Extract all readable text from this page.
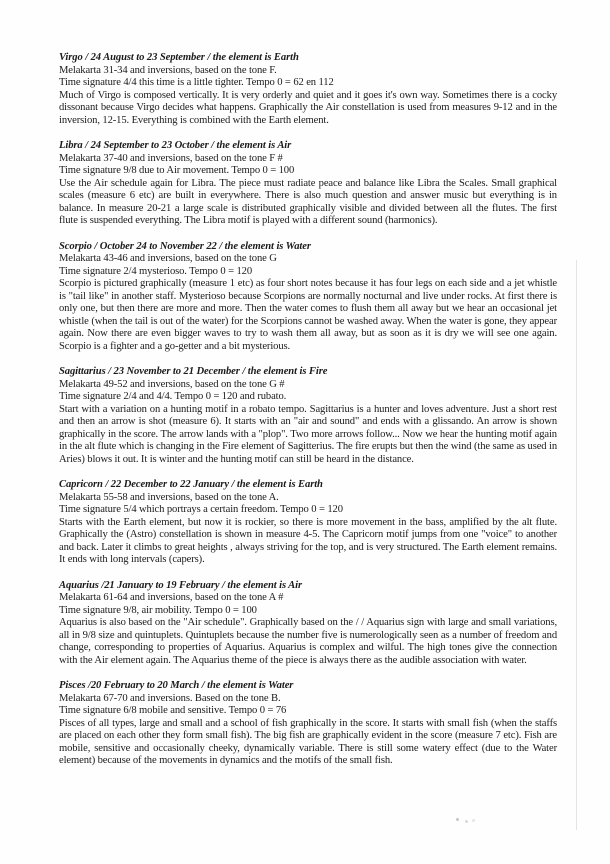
Virgo / 24 August to 23 September / the element is Earth
Melakarta 31-34 and inversions, based on the tone F.
Time signature 4/4 this time is a little tighter. Tempo 0 = 62 en 112

Much of Virgo is composed vertically. It is very orderly and quiet and it goes it's own way. Sometimes there is a cocky dissonant because Virgo decides what happens. Graphically the Air constellation is used from measures 9-12 and in the inversion, 12-15. Everything is combined with the Earth element.

Libra / 24 September to 23 October / the element is Air
Melakarta 37-40 and inversions, based on the tone F #
Time signature 9/8 due to Air movement. Tempo 0 = 100

Use the Air schedule again for Libra. The piece must radiate peace and balance like Libra the Scales. Small graphical scales (measure 6 etc) are built in everywhere. There is also much question and answer music but everything is in balance. In measure 20-21 a large scale is distributed graphically visible and divided between all the flutes. The first flute is suspended everything. The Libra motif is played with a different sound (harmonics).

Scorpio / October 24 to November 22 / the element is Water
Melakarta 43-46 and inversions, based on the tone G
Time signature 2/4 mysterioso. Tempo 0 = 120

Scorpio is pictured graphically (measure 1 etc) as four short notes because it has four legs on each side and a jet whistle is "tail like" in another staff. Mysterioso because Scorpions are normally nocturnal and live under rocks. At first there is only one, but then there are more and more. Then the water comes to flush them all away but we hear an occasional jet whistle (when the tail is out of the water) for the Scorpions cannot be washed away. When the water is gone, they appear again. Now there are even bigger waves to try to wash them all away, but as soon as it is dry we will see one again. Scorpio is a fighter and a go-getter and a bit mysterious.

Sagittarius / 23 November to 21 December / the element is Fire
Melakarta 49-52 and inversions, based on the tone G #
Time signature 2/4 and 4/4. Tempo 0 = 120 and rubato.

Start with a variation on a hunting motif in a robato tempo. Sagittarius is a hunter and loves adventure. Just a short rest and then an arrow is shot (measure 6). It starts with an "air and sound" and ends with a glissando. An arrow is shown graphically in the score. The arrow lands with a "plop". Two more arrows follow... Now we hear the hunting motif again in the alt flute which is changing in the Fire element of Sagitterius. The fire erupts but then the wind (the same as used in Aries) blows it out. It is winter and the hunting motif can still be heard in the distance.

Capricorn / 22 December to 22 January / the element is Earth
Melakarta 55-58 and inversions, based on the tone A.
Time signature 5/4 which portrays a certain freedom. Tempo 0 = 120

Starts with the Earth element, but now it is rockier, so there is more movement in the bass, amplified by the alt flute. Graphically the (Astro) constellation is shown in measure 4-5. The Capricorn motif jumps from one "voice" to another and back. Later it climbs to great heights , always striving for the top, and is very structured. The Earth element remains. It ends with long intervals (capers).

Aquarius /21 January to 19 February / the element is Air
Melakarta 61-64 and inversions, based on the tone A #
Time signature 9/8, air mobility. Tempo 0 = 100

Aquarius is also based on the "Air schedule". Graphically based on the / / Aquarius sign with large and small variations, all in 9/8 size and quintuplets. Quintuplets because the number five is numerologically seen as a number of freedom and change, corresponding to properties of Aquarius. Aquarius is complex and wilful. The high tones give the connection with the Air element again. The Aquarius theme of the piece is always there as the audible association with water.

Pisces /20 February to 20 March / the element is Water
Melakarta 67-70 and inversions. Based on the tone B.
Time signature 6/8 mobile and sensitive. Tempo 0 = 76

Pisces of all types, large and small and a school of fish graphically in the score. It starts with small fish (when the staffs are placed on each other they form small fish). The big fish are graphically evident in the score (measure 7 etc). Fish are mobile, sensitive and occasionally cheeky, dynamically variable. There is still some watery effect (due to the Water element) because of the movements in dynamics and the motifs of the small fish.
